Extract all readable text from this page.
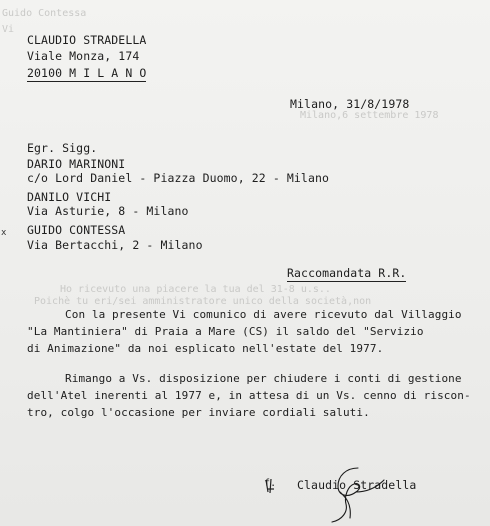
Guido Contessa
Vi
Milano,6 settembre 1978
Ho ricevuto una piacere la tua del 31-8 u.s..
Poichè tu eri/sei amministratore unico della società,non
x
CLAUDIO STRADELLA
Viale Monza, 174
20100 M I L A N O
Milano, 31/8/1978
Egr. Sigg.
DARIO MARINONI
c/o Lord Daniel - Piazza Duomo, 22 - Milano
DANILO VICHI
Via Asturie, 8 - Milano
GUIDO CONTESSA
Via Bertacchi, 2 - Milano
Raccomandata R.R.
Con la presente Vi comunico di avere ricevuto dal Villaggio
"La Mantiniera" di Praia a Mare (CS) il saldo del "Servizio
di Animazione" da noi esplicato nell'estate del 1977.
Rimango a Vs. disposizione per chiudere i conti di gestione
dell'Atel inerenti al 1977 e, in attesa di un Vs. cenno di riscon-
tro, colgo l'occasione per inviare cordiali saluti.
f. Claudio Stradella
